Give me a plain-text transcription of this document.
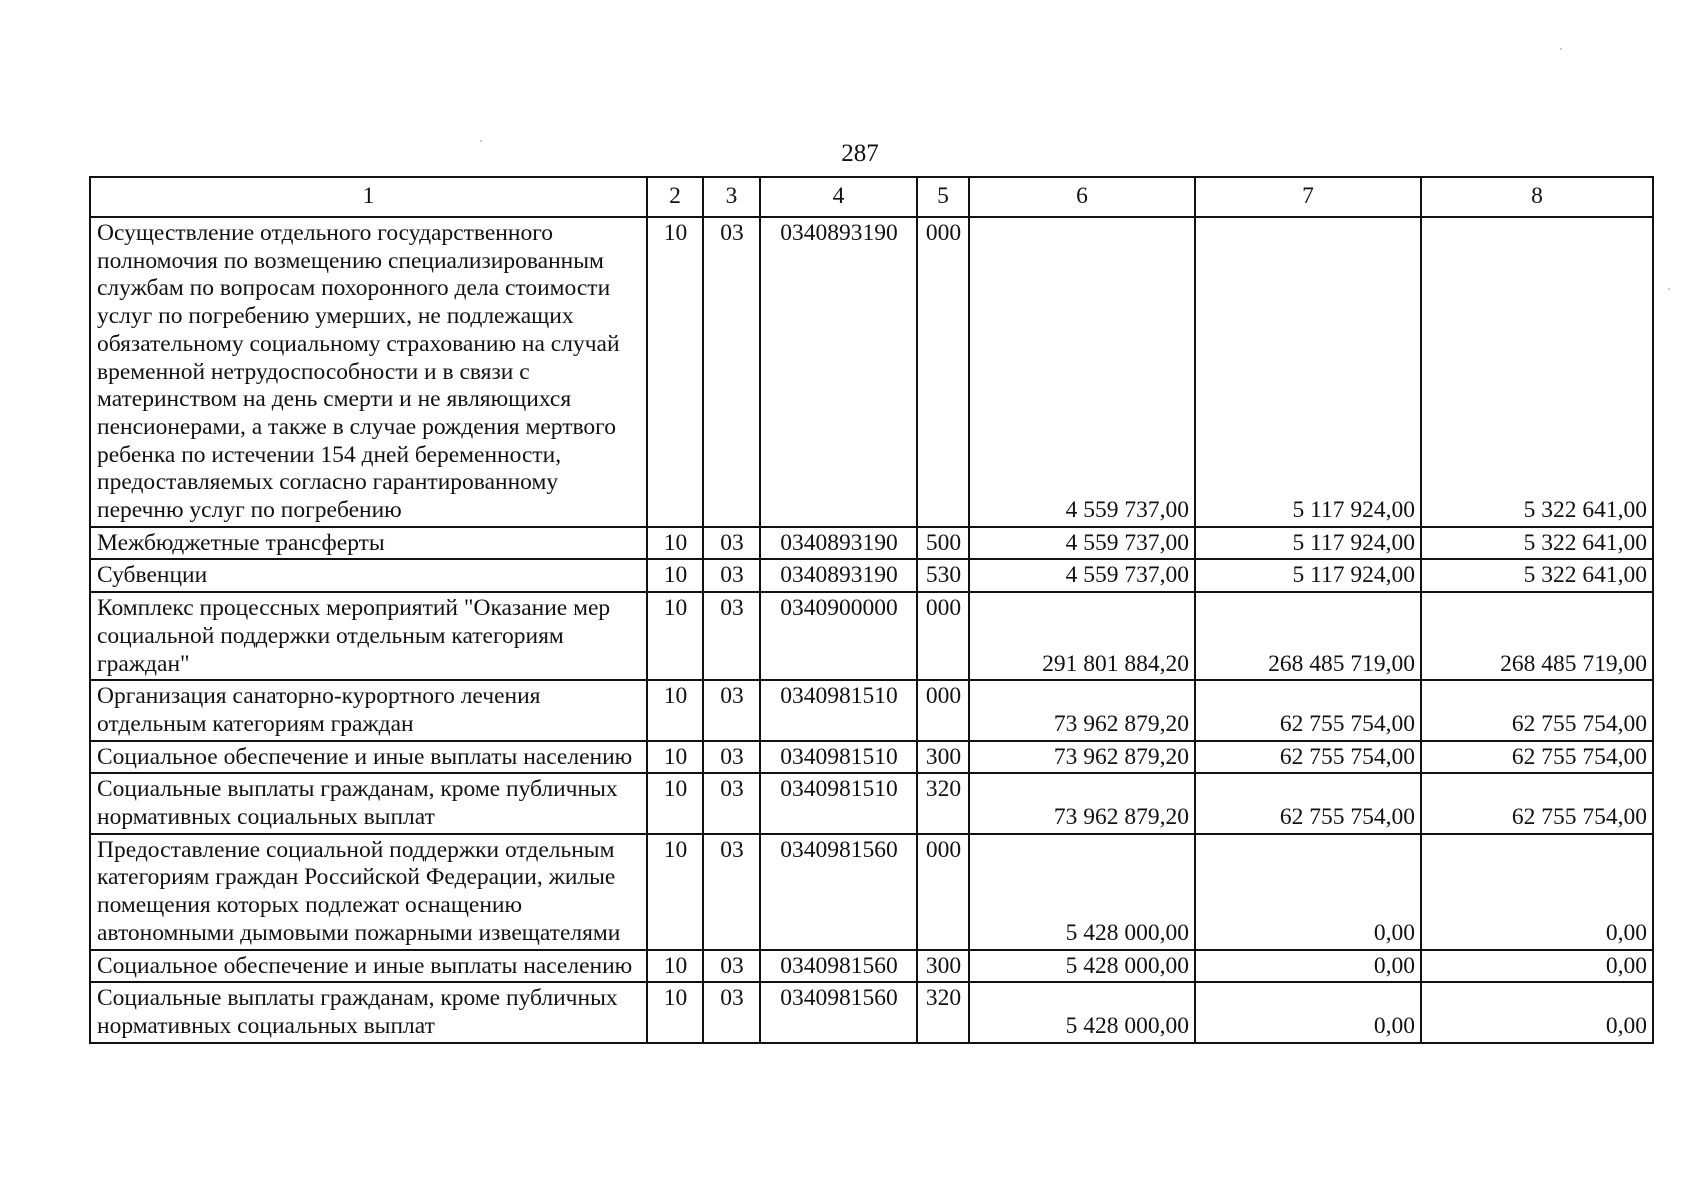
287
1	2	3	4	5	6	7	8
Осуществление отдельного государственного полномочия по возмещению специализированным службам по вопросам похоронного дела стоимости услуг по погребению умерших, не подлежащих обязательному социальному страхованию на случай временной нетрудоспособности и в связи с материнством на день смерти и не являющихся пенсионерами, а также в случае рождения мертвого ребенка по истечении 154 дней беременности, предоставляемых согласно гарантированному перечню услуг по погребению	10	03	0340893190	000	4 559 737,00	5 117 924,00	5 322 641,00
Межбюджетные трансферты	10	03	0340893190	500	4 559 737,00	5 117 924,00	5 322 641,00
Субвенции	10	03	0340893190	530	4 559 737,00	5 117 924,00	5 322 641,00
Комплекс процессных мероприятий "Оказание мер социальной поддержки отдельным категориям граждан"	10	03	0340900000	000	291 801 884,20	268 485 719,00	268 485 719,00
Организация санаторно-курортного лечения отдельным категориям граждан	10	03	0340981510	000	73 962 879,20	62 755 754,00	62 755 754,00
Социальное обеспечение и иные выплаты населению	10	03	0340981510	300	73 962 879,20	62 755 754,00	62 755 754,00
Социальные выплаты гражданам, кроме публичных нормативных социальных выплат	10	03	0340981510	320	73 962 879,20	62 755 754,00	62 755 754,00
Предоставление социальной поддержки отдельным категориям граждан Российской Федерации, жилые помещения которых подлежат оснащению автономными дымовыми пожарными извещателями	10	03	0340981560	000	5 428 000,00	0,00	0,00
Социальное обеспечение и иные выплаты населению	10	03	0340981560	300	5 428 000,00	0,00	0,00
Социальные выплаты гражданам, кроме публичных нормативных социальных выплат	10	03	0340981560	320	5 428 000,00	0,00	0,00
